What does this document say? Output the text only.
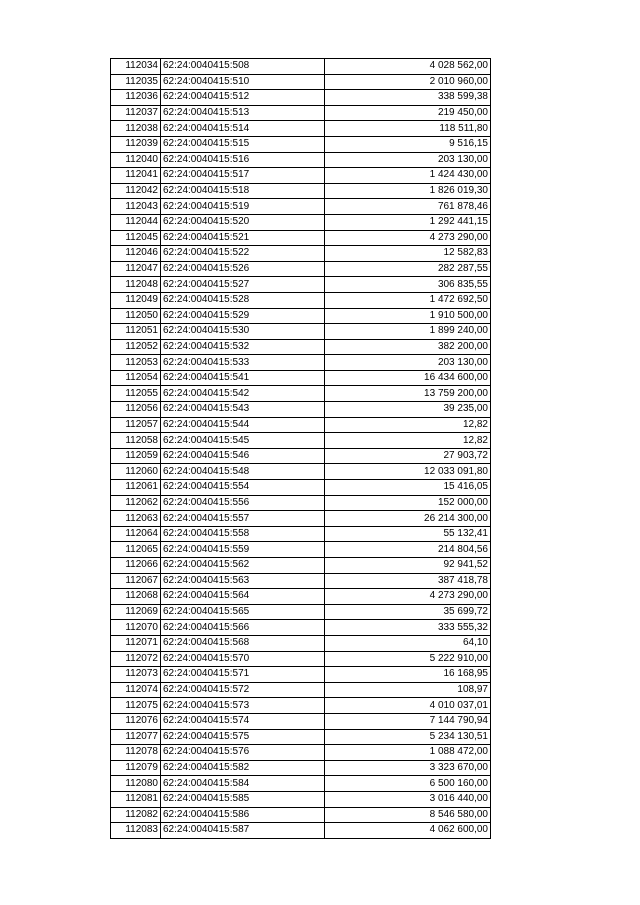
112034	62:24:0040415:508	4 028 562,00
112035	62:24:0040415:510	2 010 960,00
112036	62:24:0040415:512	338 599,38
112037	62:24:0040415:513	219 450,00
112038	62:24:0040415:514	118 511,80
112039	62:24:0040415:515	9 516,15
112040	62:24:0040415:516	203 130,00
112041	62:24:0040415:517	1 424 430,00
112042	62:24:0040415:518	1 826 019,30
112043	62:24:0040415:519	761 878,46
112044	62:24:0040415:520	1 292 441,15
112045	62:24:0040415:521	4 273 290,00
112046	62:24:0040415:522	12 582,83
112047	62:24:0040415:526	282 287,55
112048	62:24:0040415:527	306 835,55
112049	62:24:0040415:528	1 472 692,50
112050	62:24:0040415:529	1 910 500,00
112051	62:24:0040415:530	1 899 240,00
112052	62:24:0040415:532	382 200,00
112053	62:24:0040415:533	203 130,00
112054	62:24:0040415:541	16 434 600,00
112055	62:24:0040415:542	13 759 200,00
112056	62:24:0040415:543	39 235,00
112057	62:24:0040415:544	12,82
112058	62:24:0040415:545	12,82
112059	62:24:0040415:546	27 903,72
112060	62:24:0040415:548	12 033 091,80
112061	62:24:0040415:554	15 416,05
112062	62:24:0040415:556	152 000,00
112063	62:24:0040415:557	26 214 300,00
112064	62:24:0040415:558	55 132,41
112065	62:24:0040415:559	214 804,56
112066	62:24:0040415:562	92 941,52
112067	62:24:0040415:563	387 418,78
112068	62:24:0040415:564	4 273 290,00
112069	62:24:0040415:565	35 699,72
112070	62:24:0040415:566	333 555,32
112071	62:24:0040415:568	64,10
112072	62:24:0040415:570	5 222 910,00
112073	62:24:0040415:571	16 168,95
112074	62:24:0040415:572	108,97
112075	62:24:0040415:573	4 010 037,01
112076	62:24:0040415:574	7 144 790,94
112077	62:24:0040415:575	5 234 130,51
112078	62:24:0040415:576	1 088 472,00
112079	62:24:0040415:582	3 323 670,00
112080	62:24:0040415:584	6 500 160,00
112081	62:24:0040415:585	3 016 440,00
112082	62:24:0040415:586	8 546 580,00
112083	62:24:0040415:587	4 062 600,00
